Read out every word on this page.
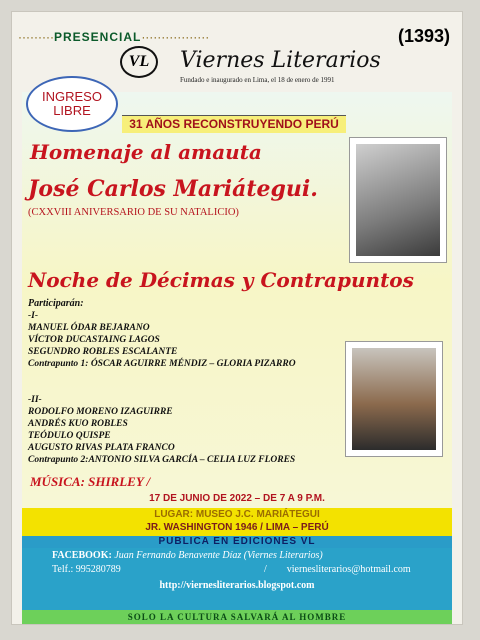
·········PRESENCIAL·················	(1393)
VL	Viernes Literarios
Fundado e inaugurado en Lima, el 18 de enero de 1991
INGRESO
LIBRE
31 AÑOS RECONSTRUYENDO PERÚ
Homenaje al amauta
José Carlos Mariátegui.
(CXXVIII ANIVERSARIO DE SU NATALICIO)
Noche de Décimas y Contrapuntos
Participarán:
-I-
MANUEL ÓDAR BEJARANO
VÍCTOR DUCASTAING LAGOS
SEGUNDRO ROBLES ESCALANTE
Contrapunto 1: ÓSCAR AGUIRRE MÉNDIZ – GLORIA PIZARRO
-II-
RODOLFO MORENO IZAGUIRRE
ANDRÉS KUO ROBLES
TEÓDULO QUISPE
AUGUSTO RIVAS PLATA FRANCO
Contrapunto 2:ANTONIO SILVA GARCÍA – CELIA LUZ FLORES
MÚSICA: SHIRLEY /
17 DE JUNIO DE 2022 – DE 7 A 9 P.M.
LUGAR: MUSEO J.C. MARIÁTEGUI
JR. WASHINGTON 1946 / LIMA – PERÚ
PUBLICA EN EDICIONES VL
FACEBOOK: Juan Fernando Benavente Díaz (Viernes Literarios)
Telf.: 995280789	/ viernesliterarios@hotmail.com
http://viernesliterarios.blogspot.com
SOLO LA CULTURA SALVARÁ AL HOMBRE
